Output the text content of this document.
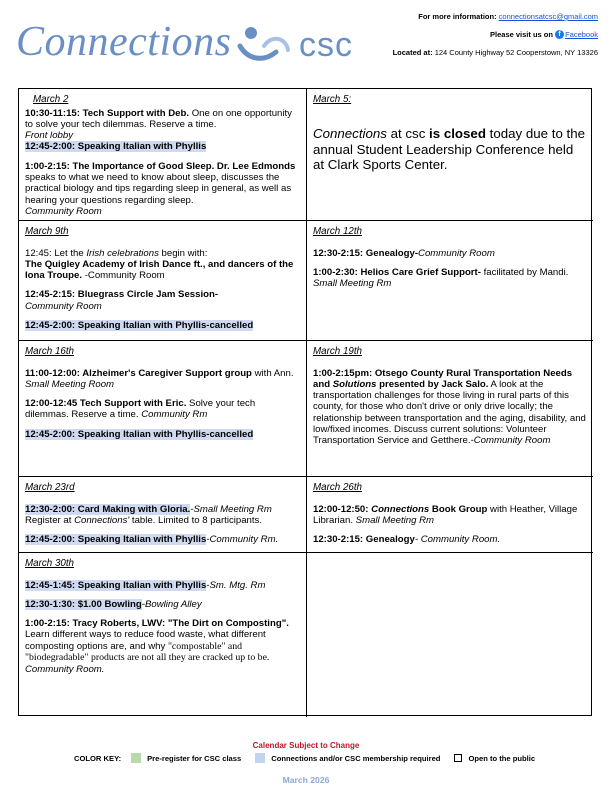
Connections csc
For more information: connectionsatcsc@gmail.com
Please visit us on f Facebook
Located at: 124 County Highway 52 Cooperstown, NY 13326
March 2
10:30-11:15: Tech Support with Deb. One on one opportunity to solve your tech dilemmas. Reserve a time.
Front lobby
12:45-2:00: Speaking Italian with Phyllis
1:00-2:15: The Importance of Good Sleep. Dr. Lee Edmonds speaks to what we need to know about sleep, discusses the practical biology and tips regarding sleep in general, as well as hearing your questions regarding sleep.
Community Room
March 5:
Connections at csc is closed today due to the annual Student Leadership Conference held at Clark Sports Center.
March 9th
12:45: Let the Irish celebrations begin with:
The Quigley Academy of Irish Dance ft., and dancers of the Iona Troupe. -Community Room
12:45-2:15: Bluegrass Circle Jam Session-
Community Room
12:45-2:00: Speaking Italian with Phyllis-cancelled
March 12th
12:30-2:15: Genealogy-Community Room
1:00-2:30: Helios Care Grief Support- facilitated by Mandi. Small Meeting Rm
March 16th
11:00-12:00: Alzheimer's Caregiver Support group with Ann. Small Meeting Room
12:00-12:45 Tech Support with Eric. Solve your tech dilemmas. Reserve a time. Community Rm
12:45-2:00: Speaking Italian with Phyllis-cancelled
March 19th
1:00-2:15pm: Otsego County Rural Transportation Needs and Solutions presented by Jack Salo. A look at the transportation challenges for those living in rural parts of this county, for those who don't drive or only drive locally; the relationship between transportation and the aging, disability, and low/fixed incomes. Discuss current solutions: Volunteer Transportation Service and Getthere.-Community Room
March 23rd
12:30-2:00: Card Making with Gloria.-Small Meeting Rm
Register at Connections' table. Limited to 8 participants.
12:45-2:00: Speaking Italian with Phyllis-Community Rm.
March 26th
12:00-12:50: Connections Book Group with Heather, Village Librarian. Small Meeting Rm
12:30-2:15: Genealogy- Community Room.
March 30th
12:45-1:45: Speaking Italian with Phyllis-Sm. Mtg. Rm
12:30-1:30: $1.00 Bowling-Bowling Alley
1:00-2:15: Tracy Roberts, LWV: "The Dirt on Composting". Learn different ways to reduce food waste, what different composting options are, and why "compostable" and "biodegradable" products are not all they are cracked up to be. Community Room.
Calendar Subject to Change
COLOR KEY:	Pre-register for CSC class	Connections and/or CSC membership required	Open to the public
March 2026
